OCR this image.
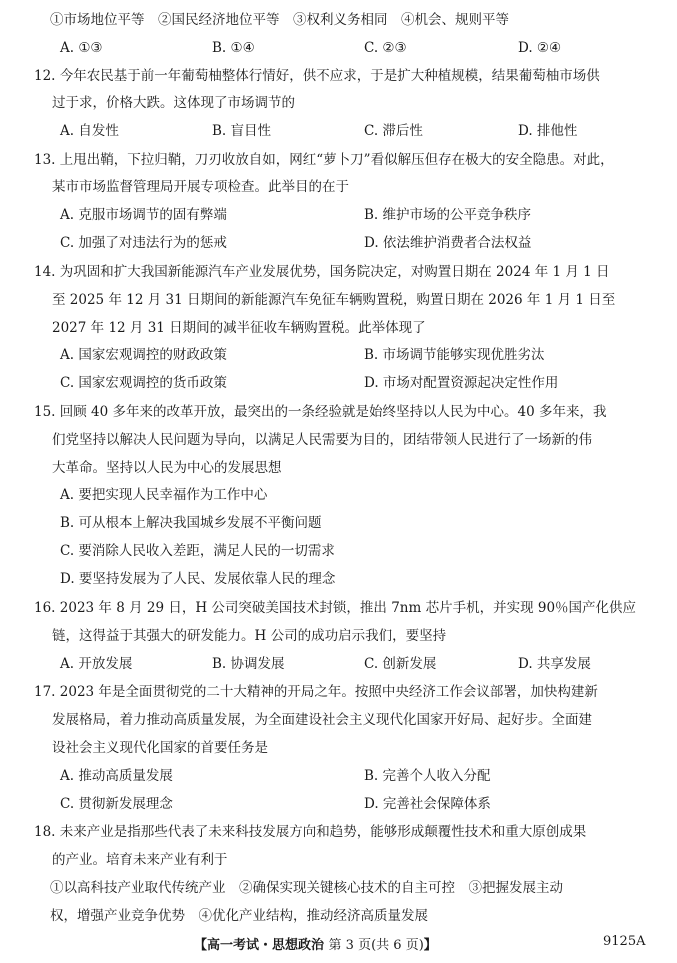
①市场地位平等　②国民经济地位平等　③权利义务相同　④机会、规则平等
A. ①③	B. ①④	C. ②③	D. ②④
12. 今年农民基于前一年葡萄柚整体行情好，供不应求，于是扩大种植规模，结果葡萄柚市场供
过于求，价格大跌。这体现了市场调节的
A. 自发性	B. 盲目性	C. 滞后性	D. 排他性
13. 上甩出鞘，下拉归鞘，刀刃收放自如，网红“萝卜刀”看似解压但存在极大的安全隐患。对此，
某市市场监督管理局开展专项检查。此举目的在于
A. 克服市场调节的固有弊端	B. 维护市场的公平竞争秩序
C. 加强了对违法行为的惩戒	D. 依法维护消费者合法权益
14. 为巩固和扩大我国新能源汽车产业发展优势，国务院决定，对购置日期在 2024 年 1 月 1 日
至 2025 年 12 月 31 日期间的新能源汽车免征车辆购置税，购置日期在 2026 年 1 月 1 日至
2027 年 12 月 31 日期间的减半征收车辆购置税。此举体现了
A. 国家宏观调控的财政政策	B. 市场调节能够实现优胜劣汰
C. 国家宏观调控的货币政策	D. 市场对配置资源起决定性作用
15. 回顾 40 多年来的改革开放，最突出的一条经验就是始终坚持以人民为中心。40 多年来，我
们党坚持以解决人民问题为导向，以满足人民需要为目的，团结带领人民进行了一场新的伟
大革命。坚持以人民为中心的发展思想
A. 要把实现人民幸福作为工作中心
B. 可从根本上解决我国城乡发展不平衡问题
C. 要消除人民收入差距，满足人民的一切需求
D. 要坚持发展为了人民、发展依靠人民的理念
16. 2023 年 8 月 29 日，H 公司突破美国技术封锁，推出 7nm 芯片手机，并实现 90％国产化供应
链，这得益于其强大的研发能力。H 公司的成功启示我们，要坚持
A. 开放发展	B. 协调发展	C. 创新发展	D. 共享发展
17. 2023 年是全面贯彻党的二十大精神的开局之年。按照中央经济工作会议部署，加快构建新
发展格局，着力推动高质量发展，为全面建设社会主义现代化国家开好局、起好步。全面建
设社会主义现代化国家的首要任务是
A. 推动高质量发展	B. 完善个人收入分配
C. 贯彻新发展理念	D. 完善社会保障体系
18. 未来产业是指那些代表了未来科技发展方向和趋势，能够形成颠覆性技术和重大原创成果
的产业。培育未来产业有利于
①以高科技产业取代传统产业　②确保实现关键核心技术的自主可控　③把握发展主动
权，增强产业竞争优势　④优化产业结构，推动经济高质量发展
【高一考试・思想政治 第 3 页(共 6 页)】	9125A
